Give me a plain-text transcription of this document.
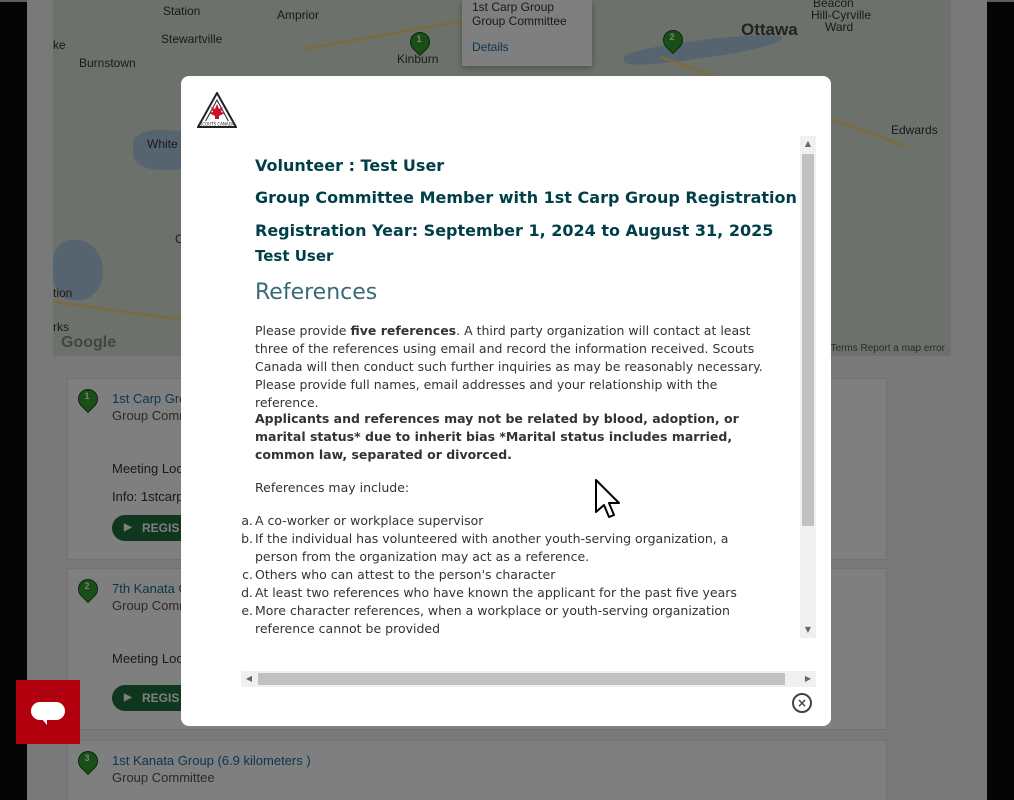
▶
▶
SCOUTS CANADA
Volunteer : Test User
Group Committee Member with 1st Carp Group Registration
Registration Year: September 1, 2024 to August 31, 2025
Test User
References

Please provide five references. A third party organization will contact at least three of the references using email and record the information received. Scouts Canada will then conduct such further inquiries as may be reasonably necessary. Please provide full names, email addresses and your relationship with the reference.

Applicants and references may not be related by blood, adoption, or marital status* due to inherit bias *Marital status includes married, common law, separated or divorced.

References may include:

a. A co-worker or workplace supervisor
b. If the individual has volunteered with another youth-serving organization, a person from the organization may act as a reference.
c. Others who can attest to the person's character
d. At least two references who have known the applicant for the past five years
e. More character references, when a workplace or youth-serving organization reference cannot be provided
▲
▼
◀	▶
×
